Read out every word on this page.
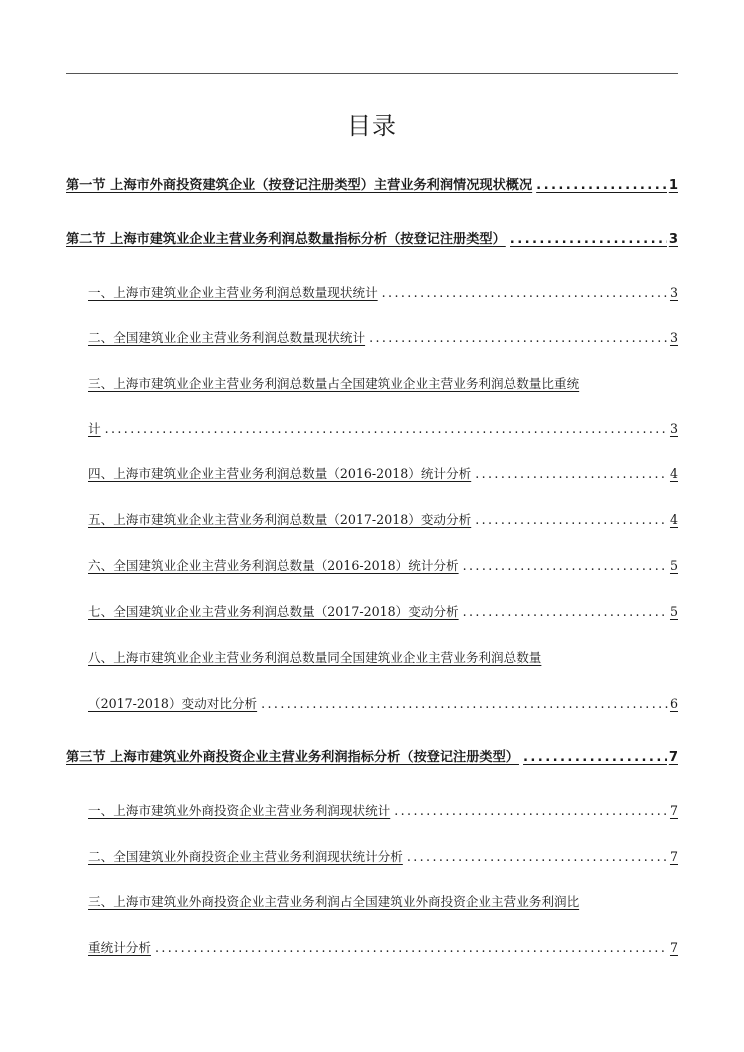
目录
第一节 上海市外商投资建筑企业（按登记注册类型）主营业务利润情况现状概况 .....	1
第二节 上海市建筑业企业主营业务利润总数量指标分析（按登记注册类型） .....	3
一、上海市建筑业企业主营业务利润总数量现状统计 .....	3
二、全国建筑业企业主营业务利润总数量现状统计 .....	3
三、上海市建筑业企业主营业务利润总数量占全国建筑业企业主营业务利润总数量比重统
计 .....	3
四、上海市建筑业企业主营业务利润总数量（2016-2018）统计分析 .....	4
五、上海市建筑业企业主营业务利润总数量（2017-2018）变动分析 .....	4
六、全国建筑业企业主营业务利润总数量（2016-2018）统计分析 .....	5
七、全国建筑业企业主营业务利润总数量（2017-2018）变动分析 .....	5
八、上海市建筑业企业主营业务利润总数量同全国建筑业企业主营业务利润总数量
（2017-2018）变动对比分析 .....	6
第三节 上海市建筑业外商投资企业主营业务利润指标分析（按登记注册类型） .....	7
一、上海市建筑业外商投资企业主营业务利润现状统计 .....	7
二、全国建筑业外商投资企业主营业务利润现状统计分析 .....	7
三、上海市建筑业外商投资企业主营业务利润占全国建筑业外商投资企业主营业务利润比
重统计分析 .....	7
